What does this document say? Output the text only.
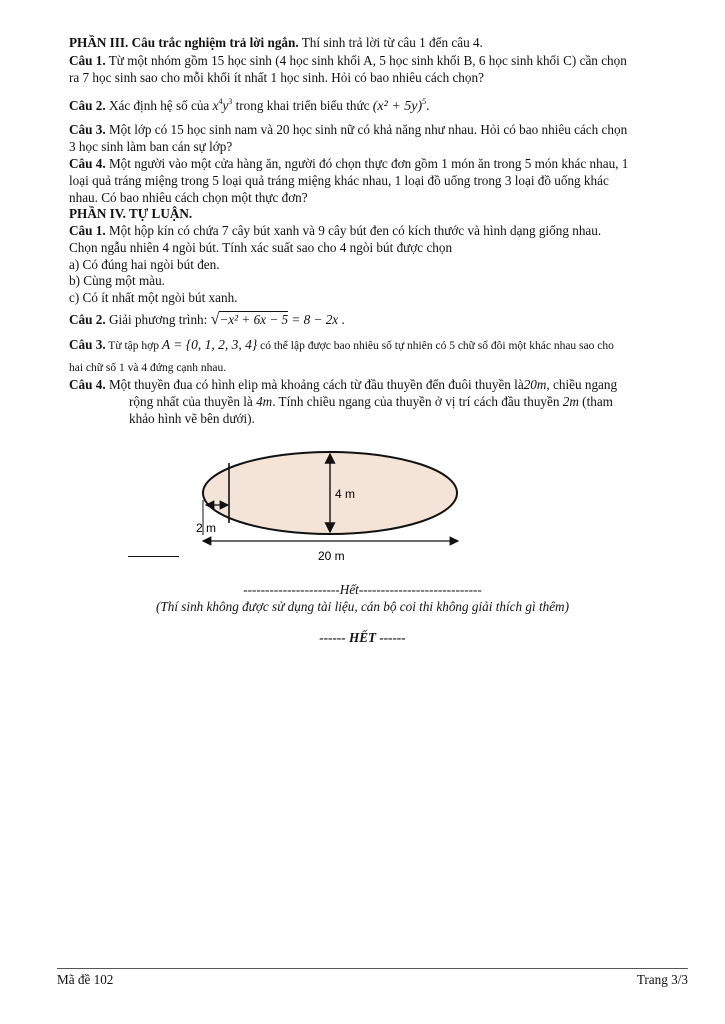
PHẦN III. Câu trắc nghiệm trả lời ngắn. Thí sinh trả lời từ câu 1 đến câu 4.
Câu 1. Từ một nhóm gồm 15 học sinh (4 học sinh khối A, 5 học sinh khối B, 6 học sinh khối C) cần chọn
ra 7 học sinh sao cho mỗi khối ít nhất 1 học sinh. Hỏi có bao nhiêu cách chọn?
Câu 2. Xác định hệ số của $x^4y^3$ trong khai triển biểu thức $(x^2 + 5y)^5$.
Câu 3. Một lớp có 15 học sinh nam và 20 học sinh nữ có khả năng như nhau. Hỏi có bao nhiêu cách chọn
3 học sinh làm ban cán sự lớp?
Câu 4. Một người vào một cửa hàng ăn, người đó chọn thực đơn gồm 1 món ăn trong 5 món khác nhau, 1
loại quả tráng miệng trong 5 loại quả tráng miệng khác nhau, 1 loại đồ uống trong 3 loại đồ uống khác
nhau. Có bao nhiêu cách chọn một thực đơn?
PHẦN IV. TỰ LUẬN.
Câu 1. Một hộp kín có chứa 7 cây bút xanh và 9 cây bút đen có kích thước và hình dạng giống nhau.
Chọn ngẫu nhiên 4 ngòi bút. Tính xác suất sao cho 4 ngòi bút được chọn
a) Có đúng hai ngòi bút đen.
b) Cùng một màu.
c) Có ít nhất một ngòi bút xanh.
Câu 2. Giải phương trình: √−x² + 6x − 5 = 8 − 2x .
Câu 3. Từ tập hợp A = {0, 1, 2, 3, 4} có thể lập được bao nhiêu số tự nhiên có 5 chữ số đôi một khác nhau sao cho
hai chữ số 1 và 4 đứng cạnh nhau.
Câu 4. Một thuyền đua có hình elip mà khoảng cách từ đầu thuyền đến đuôi thuyền là20m, chiều ngang
rộng nhất của thuyền là 4m. Tính chiều ngang của thuyền ở vị trí cách đầu thuyền 2m (tham
khảo hình vẽ bên dưới).
4 m
2 m
20 m
----------------------Hết----------------------------
(Thí sinh không được sử dụng tài liệu, cán bộ coi thi không giải thích gì thêm)
------ HẾT ------
Mã đề 102	Trang 3/3
